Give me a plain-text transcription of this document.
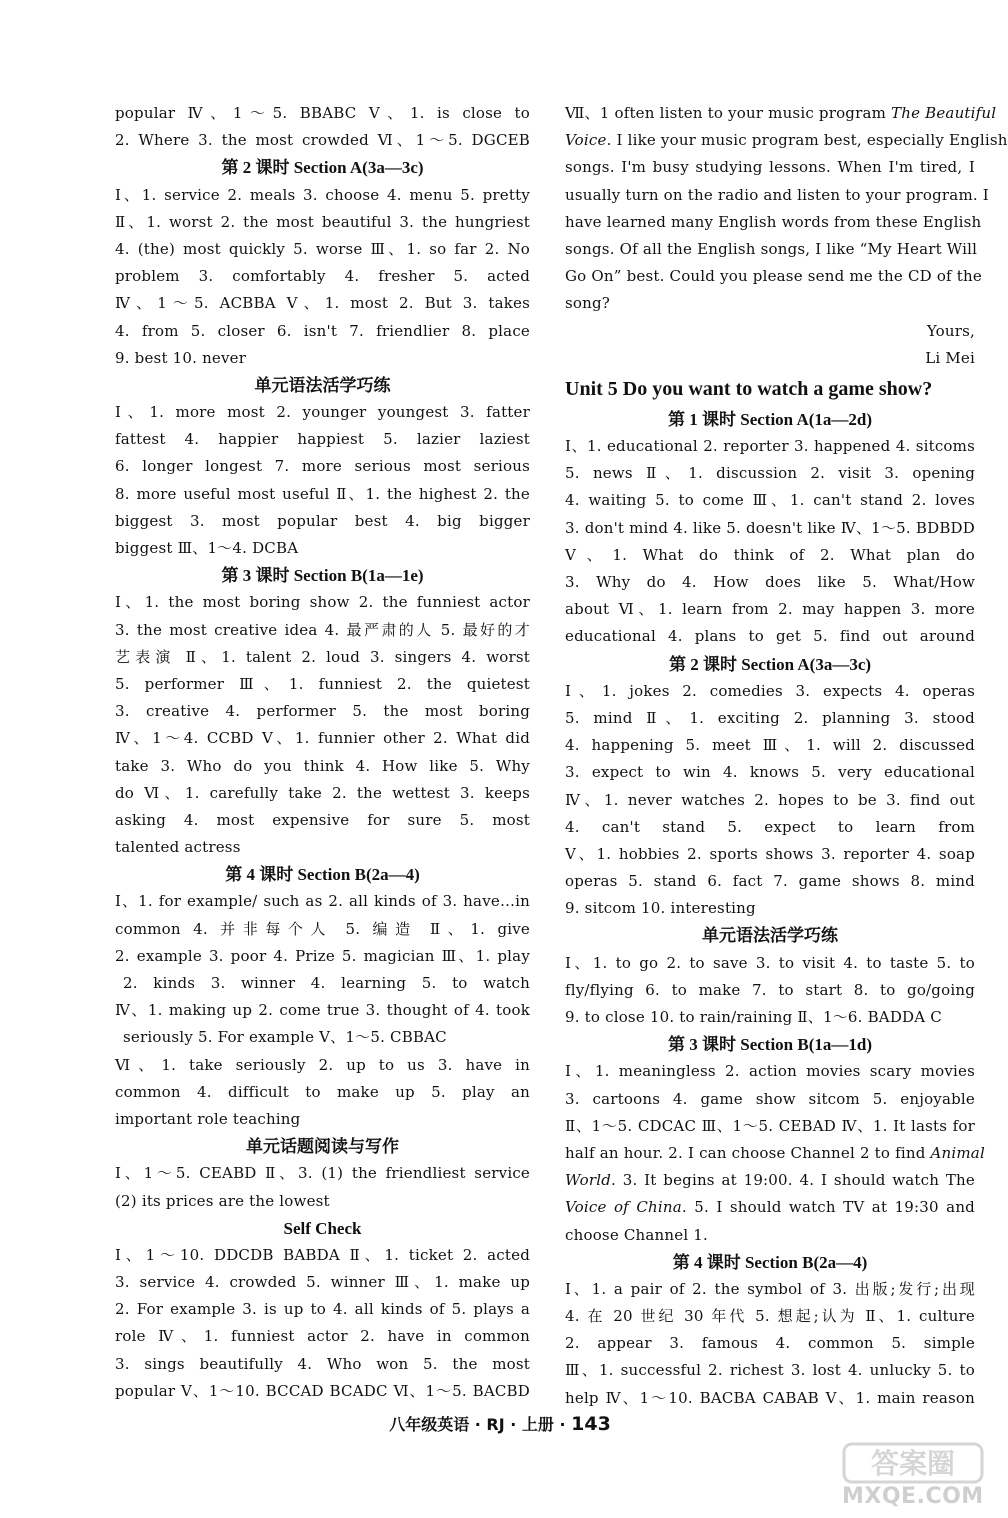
popular Ⅳ、1～5. BBABC Ⅴ、1. is close to
2. Where 3. the most crowded Ⅵ、1～5. DGCEB
第 2 课时 Section A(3a—3c)
Ⅰ、1. service 2. meals 3. choose 4. menu 5. pretty
Ⅱ、1. worst 2. the most beautiful 3. the hungriest
4. (the) most quickly 5. worse Ⅲ、1. so far 2. No
problem 3. comfortably 4. fresher 5. acted
Ⅳ、1～5. ACBBA Ⅴ、1. most 2. But 3. takes
4. from 5. closer 6. isn't 7. friendlier 8. place
9. best 10. never
单元语法活学巧练
Ⅰ、1. more most 2. younger youngest 3. fatter
fattest 4. happier happiest 5. lazier laziest
6. longer longest 7. more serious most serious
8. more useful most useful Ⅱ、1. the highest 2. the
biggest 3. most popular best 4. big bigger
biggest Ⅲ、1～4. DCBA
第 3 课时 Section B(1a—1e)
Ⅰ、1. the most boring show 2. the funniest actor
3. the most creative idea 4. 最严肃的人 5. 最好的才
艺表演 Ⅱ、1. talent 2. loud 3. singers 4. worst
5. performer Ⅲ、1. funniest 2. the quietest
3. creative 4. performer 5. the most boring
Ⅳ、1～4. CCBD Ⅴ、1. funnier other 2. What did
take 3. Who do you think 4. How like 5. Why
do Ⅵ、1. carefully take 2. the wettest 3. keeps
asking 4. most expensive for sure 5. most
talented actress
第 4 课时 Section B(2a—4)
Ⅰ、1. for example/ such as 2. all kinds of 3. have…in
common 4. 并非每个人 5. 编造 Ⅱ、1. give
2. example 3. poor 4. Prize 5. magician Ⅲ、1. play
2. kinds 3. winner 4. learning 5. to watch
Ⅳ、1. making up 2. come true 3. thought of 4. took
seriously 5. For example Ⅴ、1～5. CBBAC
Ⅵ、1. take seriously 2. up to us 3. have in
common 4. difficult to make up 5. play an
important role teaching
单元话题阅读与写作
Ⅰ、1～5. CEABD Ⅱ、3. (1) the friendliest service
(2) its prices are the lowest
Self Check
Ⅰ、1～10. DDCDB BABDA Ⅱ、1. ticket 2. acted
3. service 4. crowded 5. winner Ⅲ、1. make up
2. For example 3. is up to 4. all kinds of 5. plays a
role Ⅳ、1. funniest actor 2. have in common
3. sings beautifully 4. Who won 5. the most
popular Ⅴ、1～10. BCCAD BCADC Ⅵ、1～5. BACBD
Ⅶ、1 often listen to your music program The Beautiful
Voice. I like your music program best, especially English
songs. I'm busy studying lessons. When I'm tired, I
usually turn on the radio and listen to your program. I
have learned many English words from these English
songs. Of all the English songs, I like “My Heart Will
Go On” best. Could you please send me the CD of the
song?
Yours,
Li Mei
Unit 5 Do you want to watch a game show?
第 1 课时 Section A(1a—2d)
Ⅰ、1. educational 2. reporter 3. happened 4. sitcoms
5. news Ⅱ、1. discussion 2. visit 3. opening
4. waiting 5. to come Ⅲ、1. can't stand 2. loves
3. don't mind 4. like 5. doesn't like Ⅳ、1～5. BDBDD
Ⅴ、1. What do think of 2. What plan do
3. Why do 4. How does like 5. What/How
about Ⅵ、1. learn from 2. may happen 3. more
educational 4. plans to get 5. find out around
第 2 课时 Section A(3a—3c)
Ⅰ、1. jokes 2. comedies 3. expects 4. operas
5. mind Ⅱ、1. exciting 2. planning 3. stood
4. happening 5. meet Ⅲ、1. will 2. discussed
3. expect to win 4. knows 5. very educational
Ⅳ、1. never watches 2. hopes to be 3. find out
4. can't stand 5. expect to learn from
Ⅴ、1. hobbies 2. sports shows 3. reporter 4. soap
operas 5. stand 6. fact 7. game shows 8. mind
9. sitcom 10. interesting
单元语法活学巧练
Ⅰ、1. to go 2. to save 3. to visit 4. to taste 5. to
fly/flying 6. to make 7. to start 8. to go/going
9. to close 10. to rain/raining Ⅱ、1～6. BADDA C
第 3 课时 Section B(1a—1d)
Ⅰ、1. meaningless 2. action movies scary movies
3. cartoons 4. game show sitcom 5. enjoyable
Ⅱ、1～5. CDCAC Ⅲ、1～5. CEBAD Ⅳ、1. It lasts for
half an hour. 2. I can choose Channel 2 to find Animal
World. 3. It begins at 19:00. 4. I should watch The
Voice of China. 5. I should watch TV at 19:30 and
choose Channel 1.
第 4 课时 Section B(2a—4)
Ⅰ、1. a pair of 2. the symbol of 3. 出版;发行;出现
4. 在 20 世纪 30 年代 5. 想起;认为 Ⅱ、1. culture
2. appear 3. famous 4. common 5. simple
Ⅲ、1. successful 2. richest 3. lost 4. unlucky 5. to
help Ⅳ、1～10. BACBA CABAB Ⅴ、1. main reason
八年级英语 · RJ · 上册 · 143
答案圈
MXQE.COM
